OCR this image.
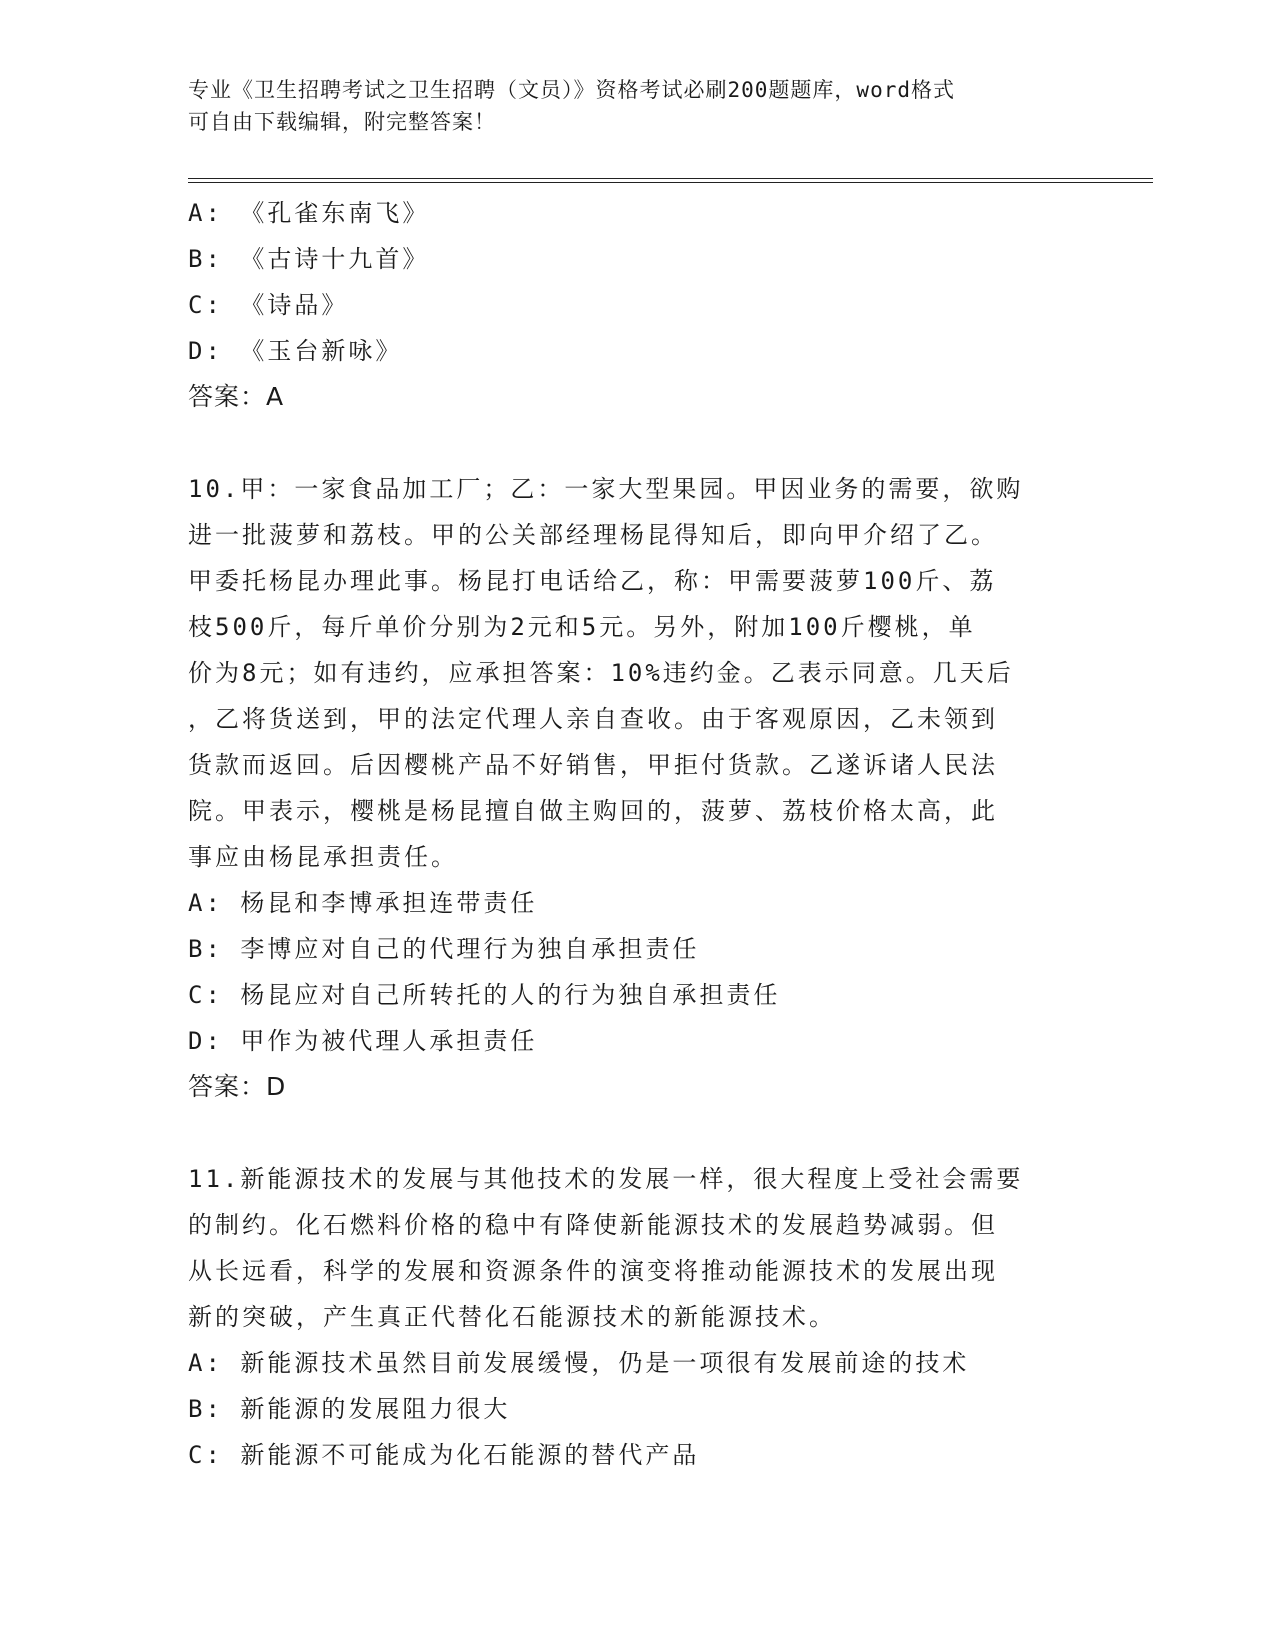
专业《卫生招聘考试之卫生招聘（文员）》资格考试必刷200题题库，word格式
可自由下载编辑，附完整答案！
A: 《孔雀东南飞》
B: 《古诗十九首》
C: 《诗品》
D: 《玉台新咏》
答案：A
10.甲：一家食品加工厂；乙：一家大型果园。甲因业务的需要，欲购
进一批菠萝和荔枝。甲的公关部经理杨昆得知后，即向甲介绍了乙。
甲委托杨昆办理此事。杨昆打电话给乙，称：甲需要菠萝100斤、荔
枝500斤，每斤单价分别为2元和5元。另外，附加100斤樱桃，单
价为8元；如有违约，应承担答案：10%违约金。乙表示同意。几天后
，乙将货送到，甲的法定代理人亲自查收。由于客观原因，乙未领到
货款而返回。后因樱桃产品不好销售，甲拒付货款。乙遂诉诸人民法
院。甲表示，樱桃是杨昆擅自做主购回的，菠萝、荔枝价格太高，此
事应由杨昆承担责任。
A: 杨昆和李博承担连带责任
B: 李博应对自己的代理行为独自承担责任
C: 杨昆应对自己所转托的人的行为独自承担责任
D: 甲作为被代理人承担责任
答案：D
11.新能源技术的发展与其他技术的发展一样，很大程度上受社会需要
的制约。化石燃料价格的稳中有降使新能源技术的发展趋势减弱。但
从长远看，科学的发展和资源条件的演变将推动能源技术的发展出现
新的突破，产生真正代替化石能源技术的新能源技术。
A: 新能源技术虽然目前发展缓慢，仍是一项很有发展前途的技术
B: 新能源的发展阻力很大
C: 新能源不可能成为化石能源的替代产品
